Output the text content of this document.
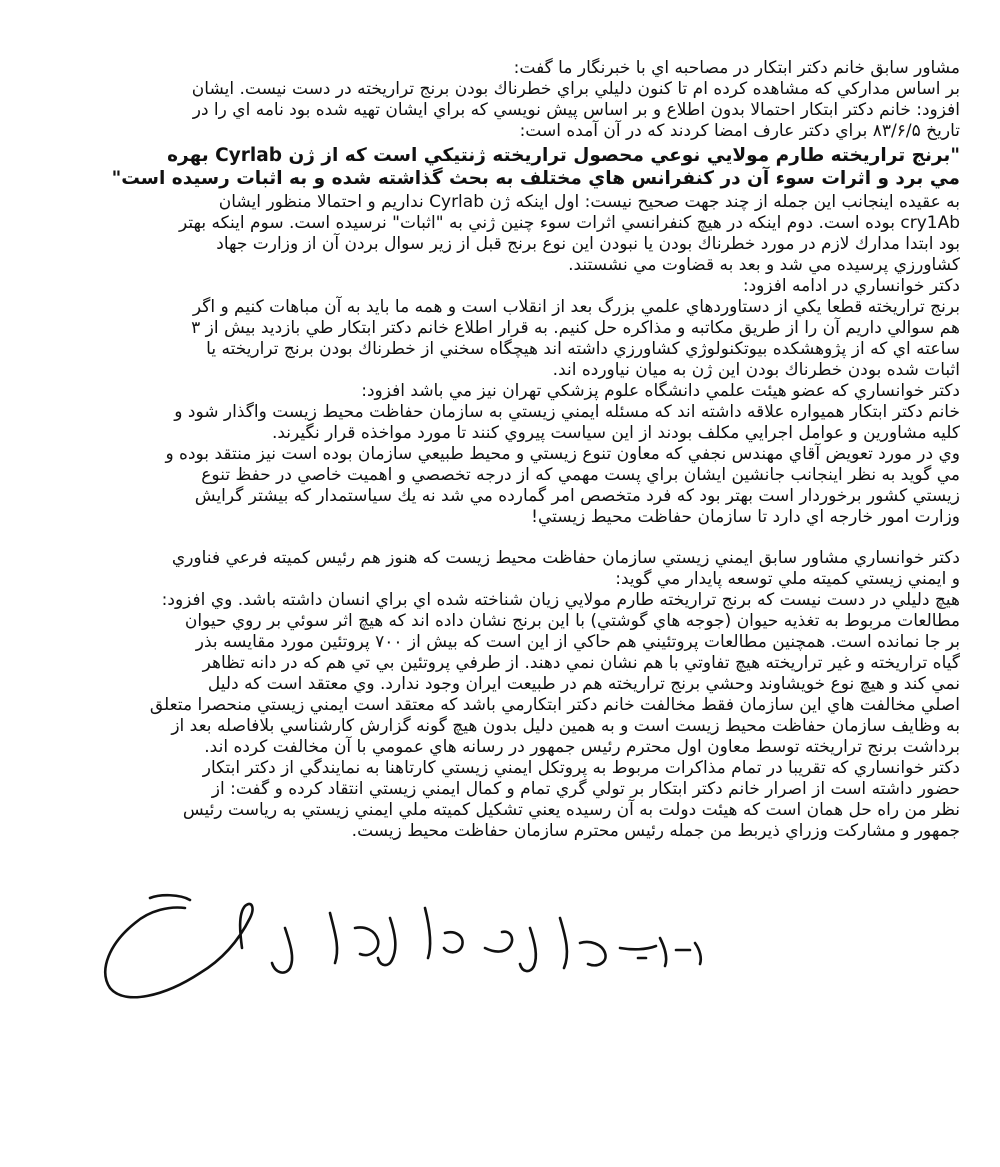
مشاور سابق خانم دكتر ابتكار در مصاحبه اي با خبرنگار ما گفت:
بر اساس مداركي كه مشاهده كرده ام تا كنون دليلي براي خطرناك بودن برنج تراريخته در دست نيست. ايشان
افزود: خانم دكتر ابتكار احتمالا بدون اطلاع و بر اساس پيش نويسي كه براي ايشان تهيه شده بود نامه اي را در
تاريخ ۸۳/۶/۵ براي دكتر عارف امضا كردند كه در آن آمده است:
"برنج تراريخته طارم مولايي نوعي محصول تراريخته ژنتيكي است كه از ژن Cyrlab بهره
مي برد و اثرات سوء آن در كنفرانس هاي مختلف به بحث گذاشته شده و به اثبات رسيده است"
به عقيده اينجانب اين جمله از چند جهت صحيح نيست: اول اينكه ژن Cyrlab نداريم و احتمالا منظور ايشان
cry1Ab بوده است. دوم اينكه در هيچ كنفرانسي اثرات سوء چنين ژني به "اثبات" نرسيده است. سوم اينكه بهتر
بود ابتدا مدارك لازم در مورد خطرناك بودن يا نبودن اين نوع برنج قبل از زير سوال بردن آن از وزارت جهاد
كشاورزي پرسيده مي شد و بعد به قضاوت مي نشستند.
دكتر خوانساري در ادامه افزود:
برنج تراريخته قطعا يكي از دستاوردهاي علمي بزرگ بعد از انقلاب است و همه ما بايد به آن مباهات كنيم و اگر
هم سوالي داريم آن را از طريق مكاتبه و مذاكره حل كنيم. به قرار اطلاع خانم دكتر ابتكار طي بازديد بيش از ۳
ساعته اي كه از پژوهشكده بيوتكنولوژي كشاورزي داشته اند هيچگاه سخني از خطرناك بودن برنج تراريخته يا
اثبات شده بودن خطرناك بودن اين ژن به ميان نياورده اند.
دكتر خوانساري كه عضو هيئت علمي دانشگاه علوم پزشكي تهران نيز مي باشد افزود:
خانم دكتر ابتكار هميواره علاقه داشته اند كه مسئله ايمني زيستي به سازمان حفاظت محيط زيست واگذار شود و
كليه مشاورين و عوامل اجرايي مكلف بودند از اين سياست پيروي كنند تا مورد مواخذه قرار نگيرند.
وي در مورد تعويض آقاي مهندس نجفي كه معاون تنوع زيستي و محيط طبيعي سازمان بوده است نيز منتقد بوده و
مي گويد به نظر اينجانب جانشين ايشان براي پست مهمي كه از درجه تخصصي و اهميت خاصي در حفظ تنوع
زيستي كشور برخوردار است بهتر بود كه فرد متخصص امر گمارده مي شد نه يك سياستمدار كه بيشتر گرايش
وزارت امور خارجه اي دارد تا سازمان حفاظت محيط زيستي!
دكتر خوانساري مشاور سابق ايمني زيستي سازمان حفاظت محيط زيست كه هنوز هم رئيس كميته فرعي فناوري
و ايمني زيستي كميته ملي توسعه پايدار مي گويد:
هيچ دليلي در دست نيست كه برنج تراريخته طارم مولايي زيان شناخته شده اي براي انسان داشته باشد. وي افزود:
مطالعات مربوط به تغذيه حيوان (جوجه هاي گوشتي) با اين برنج نشان داده اند كه هيچ اثر سوئي بر روي حيوان
بر جا نمانده است. همچنين مطالعات پروتئيني هم حاكي از اين است كه بيش از ۷۰۰ پروتئين مورد مقايسه بذر
گياه تراريخته و غير تراريخته هيچ تفاوتي با هم نشان نمي دهند. از طرفي پروتئين بي تي هم كه در دانه تظاهر
نمي كند و هيچ نوع خويشاوند وحشي برنج تراريخته هم در طبيعت ايران وجود ندارد. وي معتقد است كه دليل
اصلي مخالفت هاي اين سازمان فقط مخالفت خانم دكتر ابتكارمي باشد كه معتقد است ايمني زيستي منحصرا متعلق
به وظايف سازمان حفاظت محيط زيست است و به همين دليل بدون هيچ گونه گزارش كارشناسي بلافاصله بعد از
برداشت برنج تراريخته توسط معاون اول محترم رئيس جمهور در رسانه هاي عمومي با آن مخالفت كرده اند.
دكتر خوانساري كه تقريبا در تمام مذاكرات مربوط به پروتكل ايمني زيستي كارتاهنا به نمايندگي از دكتر ابتكار
حضور داشته است از اصرار خانم دكتر ابتكار بر تولي گري تمام و كمال ايمني زيستي انتقاد كرده و گفت: از
نظر من راه حل همان است كه هيئت دولت به آن رسيده يعني تشكيل كميته ملي ايمني زيستي به رياست رئيس
جمهور و مشاركت وزراي ذيربط من جمله رئيس محترم سازمان حفاظت محيط زيست.
